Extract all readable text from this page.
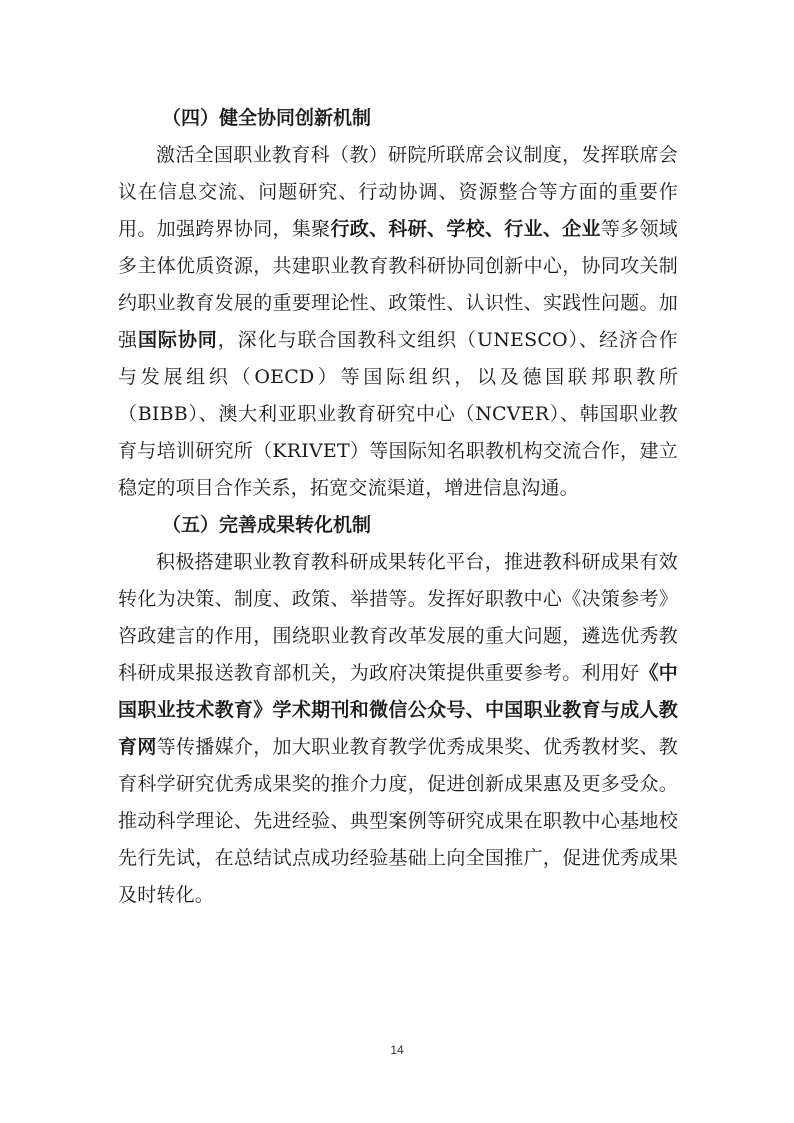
（四）健全协同创新机制

激活全国职业教育科（教）研院所联席会议制度，发挥联席会议在信息交流、问题研究、行动协调、资源整合等方面的重要作用。加强跨界协同，集聚行政、科研、学校、行业、企业等多领域多主体优质资源，共建职业教育教科研协同创新中心，协同攻关制约职业教育发展的重要理论性、政策性、认识性、实践性问题。加强国际协同，深化与联合国教科文组织（UNESCO）、经济合作与发展组织（OECD）等国际组织，以及德国联邦职教所（BIBB）、澳大利亚职业教育研究中心（NCVER）、韩国职业教育与培训研究所（KRIVET）等国际知名职教机构交流合作，建立稳定的项目合作关系，拓宽交流渠道，增进信息沟通。

（五）完善成果转化机制

积极搭建职业教育教科研成果转化平台，推进教科研成果有效转化为决策、制度、政策、举措等。发挥好职教中心《决策参考》咨政建言的作用，围绕职业教育改革发展的重大问题，遴选优秀教科研成果报送教育部机关，为政府决策提供重要参考。利用好《中国职业技术教育》学术期刊和微信公众号、中国职业教育与成人教育网等传播媒介，加大职业教育教学优秀成果奖、优秀教材奖、教育科学研究优秀成果奖的推介力度，促进创新成果惠及更多受众。推动科学理论、先进经验、典型案例等研究成果在职教中心基地校先行先试，在总结试点成功经验基础上向全国推广，促进优秀成果及时转化。

14
